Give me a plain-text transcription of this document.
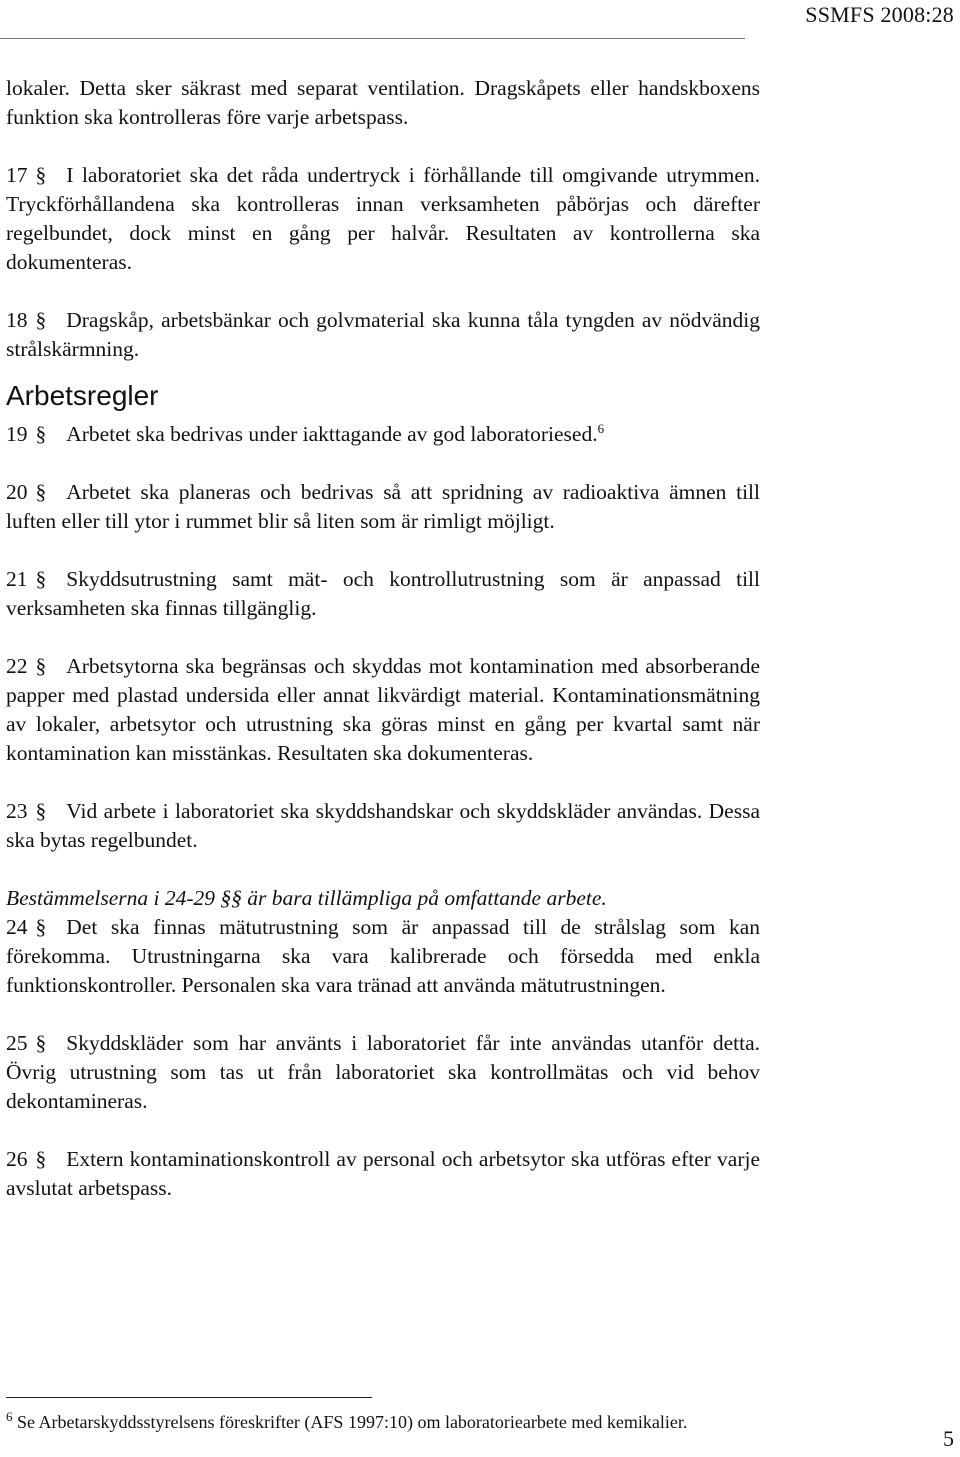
SSMFS 2008:28

lokaler. Detta sker säkrast med separat ventilation. Dragskåpets eller handskboxens funktion ska kontrolleras före varje arbetspass.

17 § I laboratoriet ska det råda undertryck i förhållande till omgivande utrymmen. Tryckförhållandena ska kontrolleras innan verksamheten påbörjas och därefter regelbundet, dock minst en gång per halvår. Resultaten av kontrollerna ska dokumenteras.

18 § Dragskåp, arbetsbänkar och golvmaterial ska kunna tåla tyngden av nödvändig strålskärmning.

Arbetsregler

19 § Arbetet ska bedrivas under iakttagande av god laboratoriesed.$^6$

20 § Arbetet ska planeras och bedrivas så att spridning av radioaktiva ämnen till luften eller till ytor i rummet blir så liten som är rimligt möjligt.

21 § Skyddsutrustning samt mät- och kontrollutrustning som är anpassad till verksamheten ska finnas tillgänglig.

22 § Arbetsytorna ska begränsas och skyddas mot kontamination med absorberande papper med plastad undersida eller annat likvärdigt material. Kontaminationsmätning av lokaler, arbetsytor och utrustning ska göras minst en gång per kvartal samt när kontamination kan misstänkas. Resultaten ska dokumenteras.

23 § Vid arbete i laboratoriet ska skyddshandskar och skyddskläder användas. Dessa ska bytas regelbundet.

Bestämmelserna i 24-29 §§ är bara tillämpliga på omfattande arbete.

24 § Det ska finnas mätutrustning som är anpassad till de strålslag som kan förekomma. Utrustningarna ska vara kalibrerade och försedda med enkla funktionskontroller. Personalen ska vara tränad att använda mätutrustningen.

25 § Skyddskläder som har använts i laboratoriet får inte användas utanför detta. Övrig utrustning som tas ut från laboratoriet ska kontrollmätas och vid behov dekontamineras.

26 § Extern kontaminationskontroll av personal och arbetsytor ska utföras efter varje avslutat arbetspass.

$^6$ Se Arbetarskyddsstyrelsens föreskrifter (AFS 1997:10) om laboratoriearbete med kemikalier.
5
